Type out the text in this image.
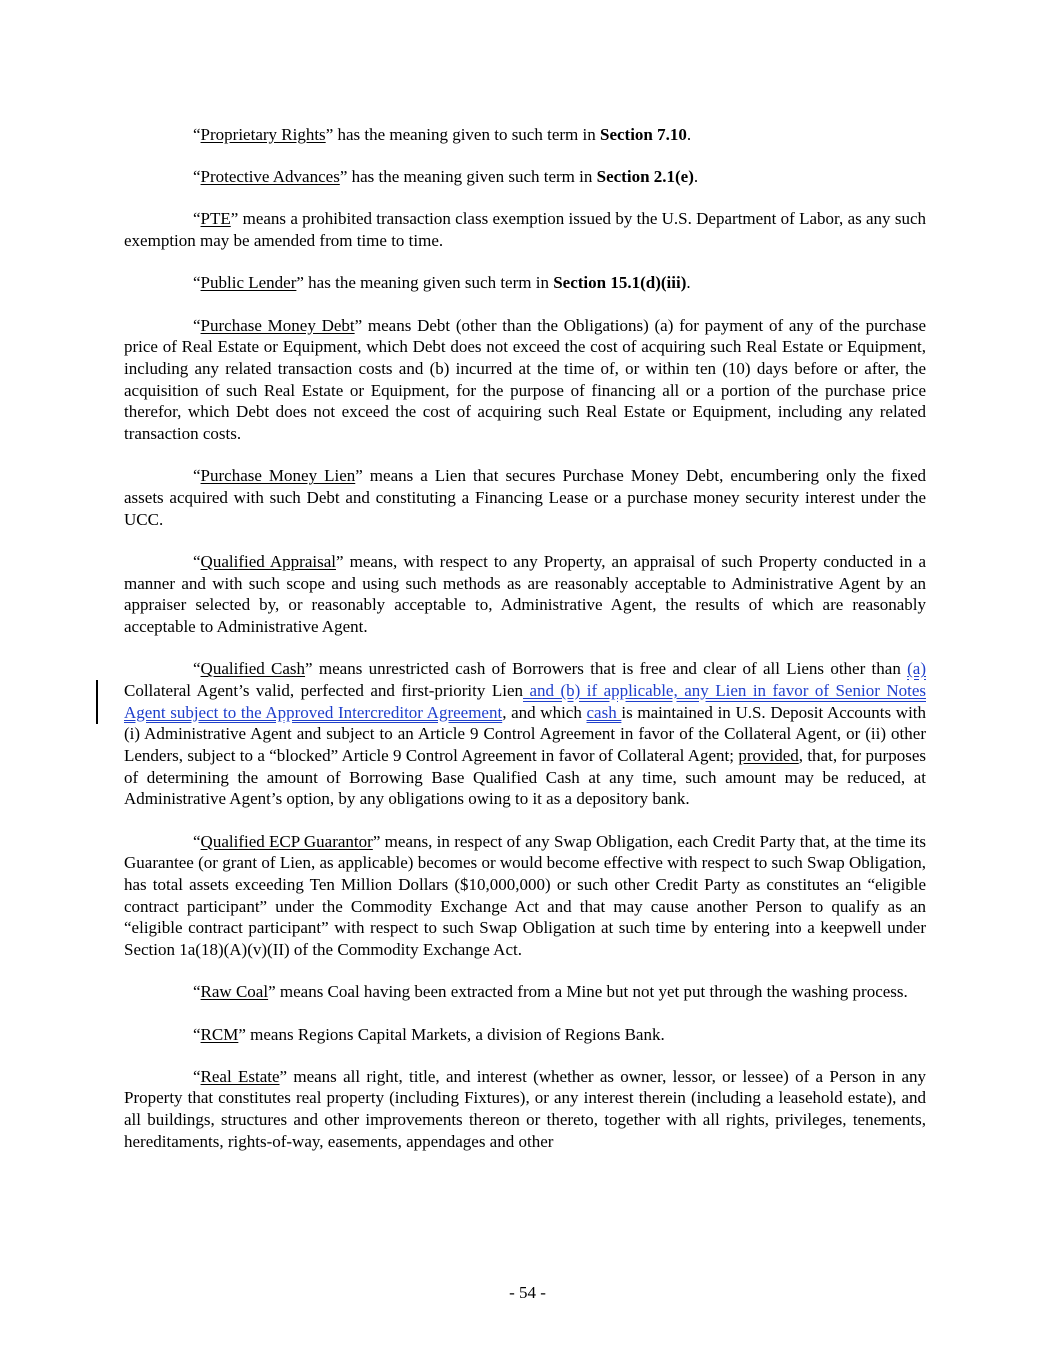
“Proprietary Rights” has the meaning given to such term in Section 7.10.

“Protective Advances” has the meaning given such term in Section 2.1(e).

“PTE” means a prohibited transaction class exemption issued by the U.S. Department of Labor, as any such exemption may be amended from time to time.

“Public Lender” has the meaning given such term in Section 15.1(d)(iii).

“Purchase Money Debt” means Debt (other than the Obligations) (a) for payment of any of the purchase price of Real Estate or Equipment, which Debt does not exceed the cost of acquiring such Real Estate or Equipment, including any related transaction costs and (b) incurred at the time of, or within ten (10) days before or after, the acquisition of such Real Estate or Equipment, for the purpose of financing all or a portion of the purchase price therefor, which Debt does not exceed the cost of acquiring such Real Estate or Equipment, including any related transaction costs.

“Purchase Money Lien” means a Lien that secures Purchase Money Debt, encumbering only the fixed assets acquired with such Debt and constituting a Financing Lease or a purchase money security interest under the UCC.

“Qualified Appraisal” means, with respect to any Property, an appraisal of such Property conducted in a manner and with such scope and using such methods as are reasonably acceptable to Administrative Agent by an appraiser selected by, or reasonably acceptable to, Administrative Agent, the results of which are reasonably acceptable to Administrative Agent.

“Qualified Cash” means unrestricted cash of Borrowers that is free and clear of all Liens other than (a) Collateral Agent’s valid, perfected and first-priority Lien and (b) if applicable, any Lien in favor of Senior Notes Agent subject to the Approved Intercreditor Agreement, and which cash is maintained in U.S. Deposit Accounts with (i) Administrative Agent and subject to an Article 9 Control Agreement in favor of the Collateral Agent, or (ii) other Lenders, subject to a “blocked” Article 9 Control Agreement in favor of Collateral Agent; provided, that, for purposes of determining the amount of Borrowing Base Qualified Cash at any time, such amount may be reduced, at Administrative Agent’s option, by any obligations owing to it as a depository bank.

“Qualified ECP Guarantor” means, in respect of any Swap Obligation, each Credit Party that, at the time its Guarantee (or grant of Lien, as applicable) becomes or would become effective with respect to such Swap Obligation, has total assets exceeding Ten Million Dollars ($10,000,000) or such other Credit Party as constitutes an “eligible contract participant” under the Commodity Exchange Act and that may cause another Person to qualify as an “eligible contract participant” with respect to such Swap Obligation at such time by entering into a keepwell under Section 1a(18)(A)(v)(II) of the Commodity Exchange Act.

“Raw Coal” means Coal having been extracted from a Mine but not yet put through the washing process.

“RCM” means Regions Capital Markets, a division of Regions Bank.

“Real Estate” means all right, title, and interest (whether as owner, lessor, or lessee) of a Person in any Property that constitutes real property (including Fixtures), or any interest therein (including a leasehold estate), and all buildings, structures and other improvements thereon or thereto, together with all rights, privileges, tenements, hereditaments, rights-of-way, easements, appendages and other

- 54 -
